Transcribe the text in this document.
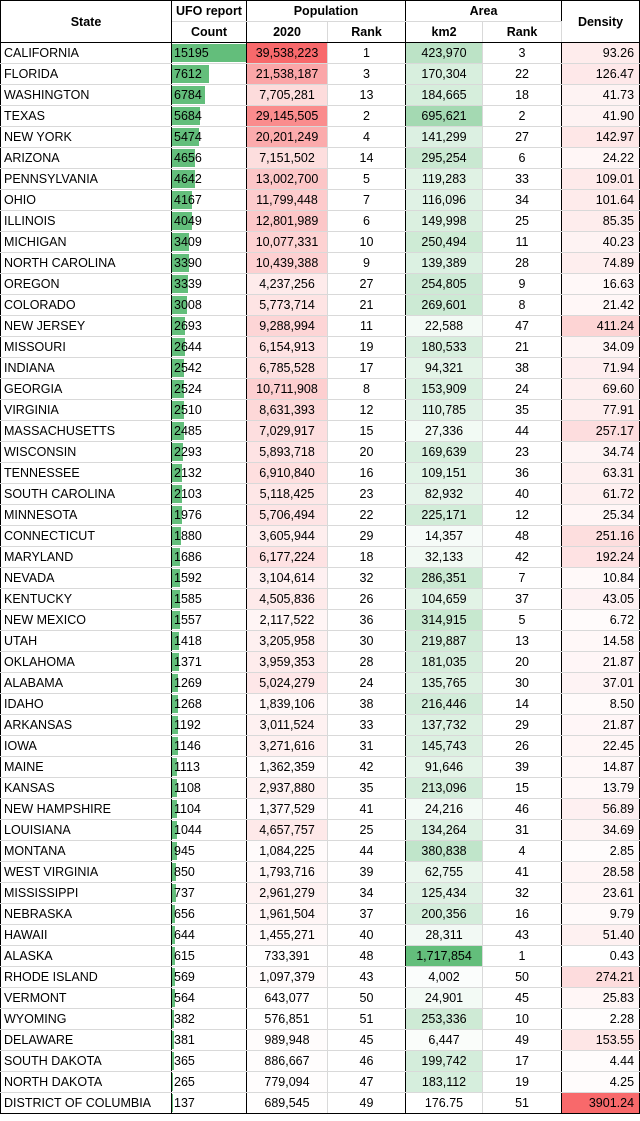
State	UFO report	Population		Area		Density
	Count	2020	Rank	km2	Rank	
CALIFORNIA	15195	39,538,223	1	423,970	3	93.26
FLORIDA	7612	21,538,187	3	170,304	22	126.47
WASHINGTON	6784	7,705,281	13	184,665	18	41.73
TEXAS	5684	29,145,505	2	695,621	2	41.90
NEW YORK	5474	20,201,249	4	141,299	27	142.97
ARIZONA	4656	7,151,502	14	295,254	6	24.22
PENNSYLVANIA	4642	13,002,700	5	119,283	33	109.01
OHIO	4167	11,799,448	7	116,096	34	101.64
ILLINOIS	4049	12,801,989	6	149,998	25	85.35
MICHIGAN	3409	10,077,331	10	250,494	11	40.23
NORTH CAROLINA	3390	10,439,388	9	139,389	28	74.89
OREGON	3339	4,237,256	27	254,805	9	16.63
COLORADO	3008	5,773,714	21	269,601	8	21.42
NEW JERSEY	2693	9,288,994	11	22,588	47	411.24
MISSOURI	2644	6,154,913	19	180,533	21	34.09
INDIANA	2542	6,785,528	17	94,321	38	71.94
GEORGIA	2524	10,711,908	8	153,909	24	69.60
VIRGINIA	2510	8,631,393	12	110,785	35	77.91
MASSACHUSETTS	2485	7,029,917	15	27,336	44	257.17
WISCONSIN	2293	5,893,718	20	169,639	23	34.74
TENNESSEE	2132	6,910,840	16	109,151	36	63.31
SOUTH CAROLINA	2103	5,118,425	23	82,932	40	61.72
MINNESOTA	1976	5,706,494	22	225,171	12	25.34
CONNECTICUT	1880	3,605,944	29	14,357	48	251.16
MARYLAND	1686	6,177,224	18	32,133	42	192.24
NEVADA	1592	3,104,614	32	286,351	7	10.84
KENTUCKY	1585	4,505,836	26	104,659	37	43.05
NEW MEXICO	1557	2,117,522	36	314,915	5	6.72
UTAH	1418	3,205,958	30	219,887	13	14.58
OKLAHOMA	1371	3,959,353	28	181,035	20	21.87
ALABAMA	1269	5,024,279	24	135,765	30	37.01
IDAHO	1268	1,839,106	38	216,446	14	8.50
ARKANSAS	1192	3,011,524	33	137,732	29	21.87
IOWA	1146	3,271,616	31	145,743	26	22.45
MAINE	1113	1,362,359	42	91,646	39	14.87
KANSAS	1108	2,937,880	35	213,096	15	13.79
NEW HAMPSHIRE	1104	1,377,529	41	24,216	46	56.89
LOUISIANA	1044	4,657,757	25	134,264	31	34.69
MONTANA	945	1,084,225	44	380,838	4	2.85
WEST VIRGINIA	850	1,793,716	39	62,755	41	28.58
MISSISSIPPI	737	2,961,279	34	125,434	32	23.61
NEBRASKA	656	1,961,504	37	200,356	16	9.79
HAWAII	644	1,455,271	40	28,311	43	51.40
ALASKA	615	733,391	48	1,717,854	1	0.43
RHODE ISLAND	569	1,097,379	43	4,002	50	274.21
VERMONT	564	643,077	50	24,901	45	25.83
WYOMING	382	576,851	51	253,336	10	2.28
DELAWARE	381	989,948	45	6,447	49	153.55
SOUTH DAKOTA	365	886,667	46	199,742	17	4.44
NORTH DAKOTA	265	779,094	47	183,112	19	4.25
DISTRICT OF COLUMBIA	137	689,545	49	176.75	51	3901.24
